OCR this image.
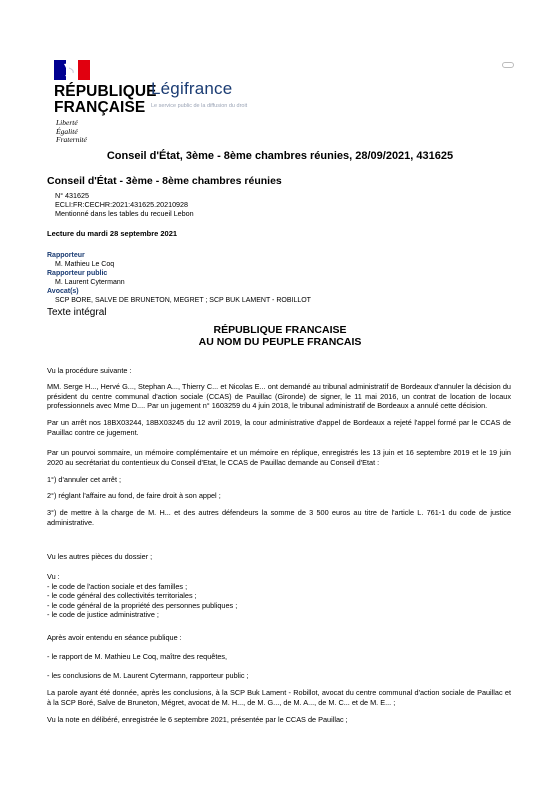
RÉPUBLIQUE
FRANÇAISE
Liberté
Égalité
Fraternité
Légifrance
Le service public de la diffusion du droit
Conseil d'État, 3ème - 8ème chambres réunies, 28/09/2021, 431625
Conseil d'État - 3ème - 8ème chambres réunies
N° 431625
ECLI:FR:CECHR:2021:431625.20210928
Mentionné dans les tables du recueil Lebon
Lecture du mardi 28 septembre 2021
Rapporteur
M. Mathieu Le Coq
Rapporteur public
M. Laurent Cytermann
Avocat(s)
SCP BORE, SALVE DE BRUNETON, MEGRET ; SCP BUK LAMENT - ROBILLOT
Texte intégral
RÉPUBLIQUE FRANCAISE
AU NOM DU PEUPLE FRANCAIS
Vu la procédure suivante :
MM. Serge H..., Hervé G..., Stephan A..., Thierry C... et Nicolas E... ont demandé au tribunal administratif de Bordeaux d'annuler la décision du président du centre communal d'action sociale (CCAS) de Pauillac (Gironde) de signer, le 11 mai 2016, un contrat de location de locaux professionnels avec Mme D.... Par un jugement n° 1603259 du 4 juin 2018, le tribunal administratif de Bordeaux a annulé cette décision.
Par un arrêt nos 18BX03244, 18BX03245 du 12 avril 2019, la cour administrative d'appel de Bordeaux a rejeté l'appel formé par le CCAS de Pauillac contre ce jugement.
Par un pourvoi sommaire, un mémoire complémentaire et un mémoire en réplique, enregistrés les 13 juin et 16 septembre 2019 et le 19 juin 2020 au secrétariat du contentieux du Conseil d'Etat, le CCAS de Pauillac demande au Conseil d'Etat :
1°) d'annuler cet arrêt ;
2°) réglant l'affaire au fond, de faire droit à son appel ;
3°) de mettre à la charge de M. H... et des autres défendeurs la somme de 3 500 euros au titre de l'article L. 761-1 du code de justice administrative.
Vu les autres pièces du dossier ;
Vu :
- le code de l'action sociale et des familles ;
- le code général des collectivités territoriales ;
- le code général de la propriété des personnes publiques ;
- le code de justice administrative ;
Après avoir entendu en séance publique :
- le rapport de M. Mathieu Le Coq, maître des requêtes,
- les conclusions de M. Laurent Cytermann, rapporteur public ;
La parole ayant été donnée, après les conclusions, à la SCP Buk Lament - Robillot, avocat du centre communal d'action sociale de Pauillac et à la SCP Boré, Salve de Bruneton, Mégret, avocat de M. H..., de M. G..., de M. A..., de M. C... et de M. E... ;
Vu la note en délibéré, enregistrée le 6 septembre 2021, présentée par le CCAS de Pauillac ;
